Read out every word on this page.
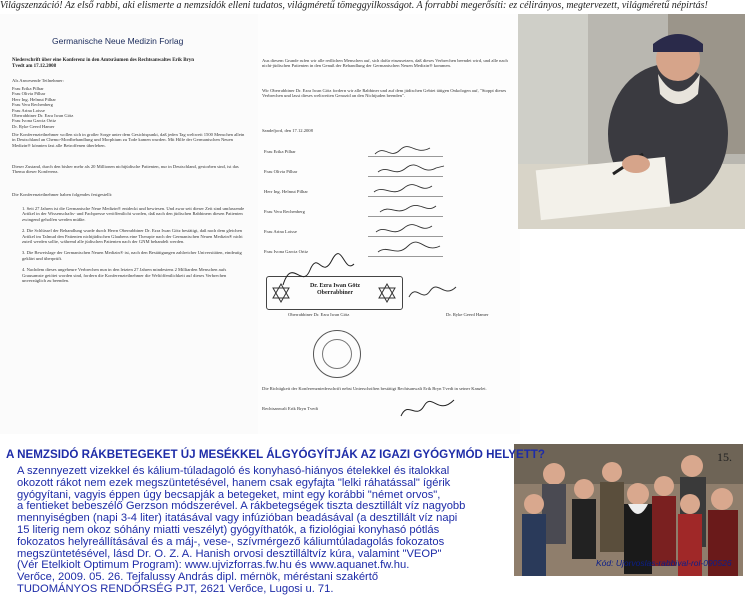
Világszenzáció! Az első rabbi, aki elismerte a nemzsidók elleni tudatos, világméretű tömeggyilkosságot. A forrabbi megerősíti: ez célirányos, megtervezett, világméretű népirtás!
Germanische Neue Medizin Forlag
Niederschrift über eine Konferenz in den Amtsräumen des Rechtsanwaltes Erik Bryn Tvedt am 17.12.2008
Als Anwesende Teilnehmer:
Frau Erika Pilhar
Frau Olivia Pilhar
Herr Ing. Helmut Pilhar
Frau Vera Rechenberg
Frau Arina Loisse
Oberrabbiner Dr. Ezra Iwan Götz
Frau Ivona Garcia Ortiz
Dr. Ryke Geerd Hamer
Die Konferenzteilnehmer wollen sich in großer Sorge unter dem Gesichtspunkt, daß jeden Tag weltweit 1500 Menschen allein in Deutschland an Chemo-Mordbehandlung und Morphium zu Tode kamen wurden. Mit Hilfe der Germanischen Neuen Medizin® könnten fast alle Betroffenen überleben.
Dieser Zustand, durch den bisher mehr als 20 Millionen nichtjüdische Patienten, nur in Deutschland, gestorben sind, ist das Thema dieser Konferenz.
Die Konferenzteilnehmer haben folgendes festgestellt:
1. Seit 27 Jahren ist die Germanische Neue Medizin® entdeckt und bewiesen. Und zwar seit dieser Zeit sind umfassende Artikel in der Wissenschafts- und Fachpresse veröffentlicht worden, daß nach den jüdischen Rabbinern diesen Patienten zwingend geholfen werden müßte.
2. Die Schlüssel der Behandlung wurde durch Herrn Oberrabbiner Dr. Ezra Iwan Götz bestätigt, daß nach dem gleichen Artikel im Talmud den Patienten nichtjüdischen Glaubens eine Therapie nach der Germanischen Neuen Medizin® nicht zuteil werden sollte, während alle jüdischen Patienten nach der GNM behandelt werden.
3. Die Beweislage der Germanischen Neuen Medizin® ist, nach den Bestätigungen zahlreicher Universitäten, eindeutig geklärt und überprüft.
4. Nachdem dieses ungeheure Verbrechen nun in den letzten 27 Jahren mindestens 2 Milliarden Menschen aufs Grausamste getötet worden sind, fordern die Konferenzteilnehmer die Weltöffentlichkeit auf dieses Verbrechen unverzüglich zu beenden.
Aus diesem Grunde rufen wir alle redlichen Menschen auf, sich dafür einzusetzen, daß dieses Verbrechen beendet wird, und alle nach nicht-jüdischen Patienten in den Genuß der Behandlung der Germanischen Neuen Medizin® kommen.
Wir Oberrabbiner Dr. Ezra Iwan Götz fordern wir alle Rabbiner und auf dem jüdischen Gebiet tätigen Onkologen auf, "Stoppt dieses Verbrechen und lasst dieses weltweiten Genozid an den Nichtjuden beenden".
Sandefjord, den 17.12.2008
Frau Erika Pilhar
Frau Olivia Pilhar
Herr Ing. Helmut Pilhar
Frau Vera Rechenberg
Frau Arina Loisse
Frau Ivona Garcia Ortiz
Dr. Ezra Iwan Götz Oberrabbiner
Oberrabbiner Dr. Ezra Iwan Götz	Dr. Ryke Geerd Hamer
Die Richtigkeit der Konferenzniederschrift nebst Unterschriften bestätigt Rechtsanwalt Erik Bryn Tvedt in seiner Kanzlei.
Rechtsanwalt Erik Bryn Tvedt
A NEMZSIDÓ RÁKBETEGEKET ÚJ MESÉKKEL ÁLGYÓGYÍTJÁK AZ IGAZI GYÓGYMÓD HELYETT?
A szennyezett vizekkel és kálium-túladagoló és konyhasó-hiányos ételekkel és italokkal
okozott rákot nem ezek megszüntetésével, hanem csak egyfajta "lelki ráhatással" ígérik
gyógyítani, vagyis éppen úgy becsapják a betegeket, mint egy korábbi "német orvos",
a fentieket bebeszélő Gerzson módszerével. A rákbetegségek tiszta desztillált víz nagyobb
mennyiségben (napi 3-4 liter) itatásával vagy infúzióban beadásával (a desztillált víz napi
15 literig nem okoz sóhány miatti veszélyt) gyógyíthatók, a fiziológiai konyhasó pótlás
fokozatos helyreállításával és a máj-, vese-, szívmérgező káliumtúladagolás fokozatos
megszüntetésével, lásd Dr. O. Z. A. Hanish orvosi desztilláltvíz kúra, valamint "VEOP"
(Vér Etelkiolt Optimum Program): www.ujvizforras.fw.hu és www.aquanet.fw.hu.
Verőce, 2009. 05. 26. Tejfalussy András dipl. mérnök, méréstani szakértő
TUDOMÁNYOS RENDŐRSÉG PJT, 2621 Verőce, Lugosi u. 71.
15.
Kód: Ujorvoslas-rabbival-rol-090526
